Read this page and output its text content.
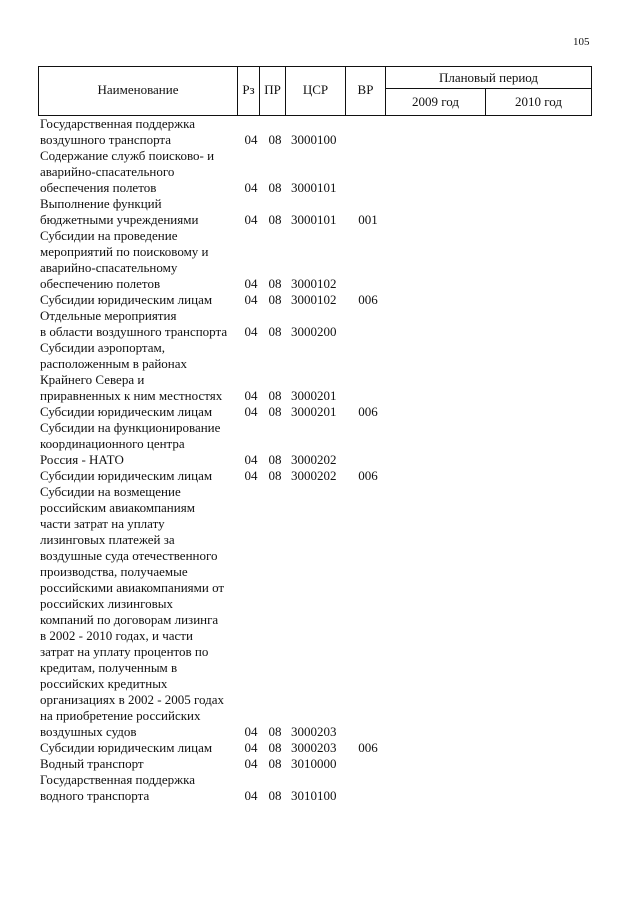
105
Наименование	Рз ПР	ЦСР	ВР
Плановый период
2009 год	2010 год
Государственная поддержка
воздушного транспорта	04 08 3000100
Содержание служб поисково- и
аварийно-спасательного
обеспечения полетов	04 08 3000101
Выполнение функций
бюджетными учреждениями	04 08 3000101	001
Субсидии на проведение
мероприятий по поисковому и
аварийно-спасательному
обеспечению полетов	04 08 3000102
Субсидии юридическим лицам	04 08 3000102	006
Отдельные мероприятия
в области воздушного транспорта	04 08 3000200
Субсидии аэропортам,
расположенным в районах
Крайнего Севера и
приравненных к ним местностях	04 08 3000201
Субсидии юридическим лицам	04 08 3000201	006
Субсидии на функционирование
координационного центра
Россия - НАТО	04 08 3000202
Субсидии юридическим лицам	04 08 3000202	006
Субсидии на возмещение
российским авиакомпаниям
части затрат на уплату
лизинговых платежей за
воздушные суда отечественного
производства, получаемые
российскими авиакомпаниями от
российских лизинговых
компаний по договорам лизинга
в 2002 - 2010 годах, и части
затрат на уплату процентов по
кредитам, полученным в
российских кредитных
организациях в 2002 - 2005 годах
на приобретение российских
воздушных судов	04 08 3000203
Субсидии юридическим лицам	04 08 3000203	006
Водный транспорт	04 08 3010000
Государственная поддержка
водного транспорта	04 08 3010100
